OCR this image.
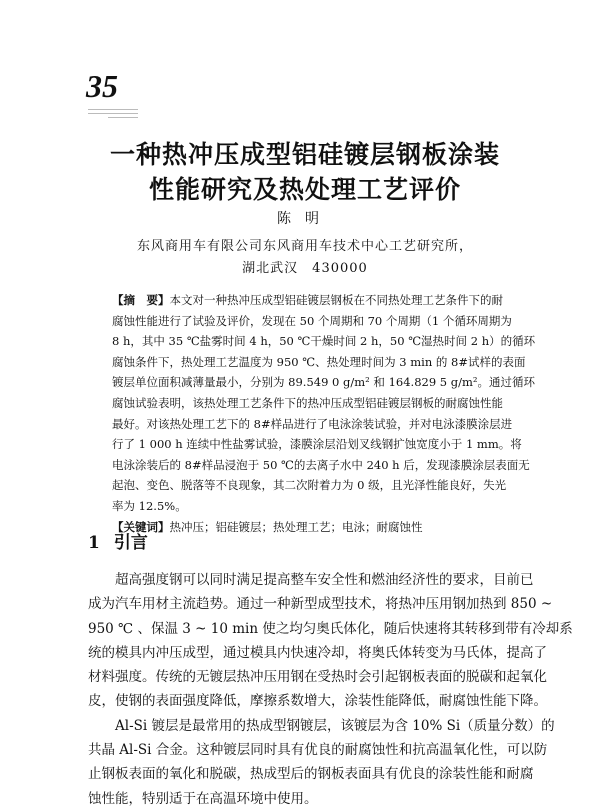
35
一种热冲压成型铝硅镀层钢板涂装
性能研究及热处理工艺评价
陈明
东风商用车有限公司东风商用车技术中心工艺研究所，
湖北武汉　430000
【摘　要】本文对一种热冲压成型铝硅镀层钢板在不同热处理工艺条件下的耐
腐蚀性能进行了试验及评价，发现在 50 个周期和 70 个周期（1 个循环周期为
8 h，其中 35 ℃盐雾时间 4 h，50 ℃干燥时间 2 h，50 ℃湿热时间 2 h）的循环
腐蚀条件下，热处理工艺温度为 950 ℃、热处理时间为 3 min 的 8#试样的表面
镀层单位面积减薄量最小，分别为 89.549 0 g/m² 和 164.829 5 g/m²。通过循环
腐蚀试验表明，该热处理工艺条件下的热冲压成型铝硅镀层钢板的耐腐蚀性能
最好。对该热处理工艺下的 8#样品进行了电泳涂装试验，并对电泳漆膜涂层进
行了 1 000 h 连续中性盐雾试验，漆膜涂层沿划叉线钢扩蚀宽度小于 1 mm。将
电泳涂装后的 8#样品浸泡于 50 ℃的去离子水中 240 h 后，发现漆膜涂层表面无
起泡、变色、脱落等不良现象，其二次附着力为 0 级，且光泽性能良好，失光
率为 12.5%。
【关键词】热冲压；铝硅镀层；热处理工艺；电泳；耐腐蚀性
1 引言
超高强度钢可以同时满足提高整车安全性和燃油经济性的要求，目前已
成为汽车用材主流趋势。通过一种新型成型技术，将热冲压用钢加热到 850 ~
950 ℃ 、保温 3 ~ 10 min 使之均匀奥氏体化，随后快速将其转移到带有冷却系
统的模具内冲压成型，通过模具内快速冷却，将奥氏体转变为马氏体，提高了
材料强度。传统的无镀层热冲压用钢在受热时会引起钢板表面的脱碳和起氧化
皮，使钢的表面强度降低，摩擦系数增大，涂装性能降低，耐腐蚀性能下降。
Al-Si 镀层是最常用的热成型钢镀层，该镀层为含 10% Si（质量分数）的
共晶 Al-Si 合金。这种镀层同时具有优良的耐腐蚀性和抗高温氧化性，可以防
止钢板表面的氧化和脱碳，热成型后的钢板表面具有优良的涂装性能和耐腐
蚀性能，特别适于在高温环境中使用。
